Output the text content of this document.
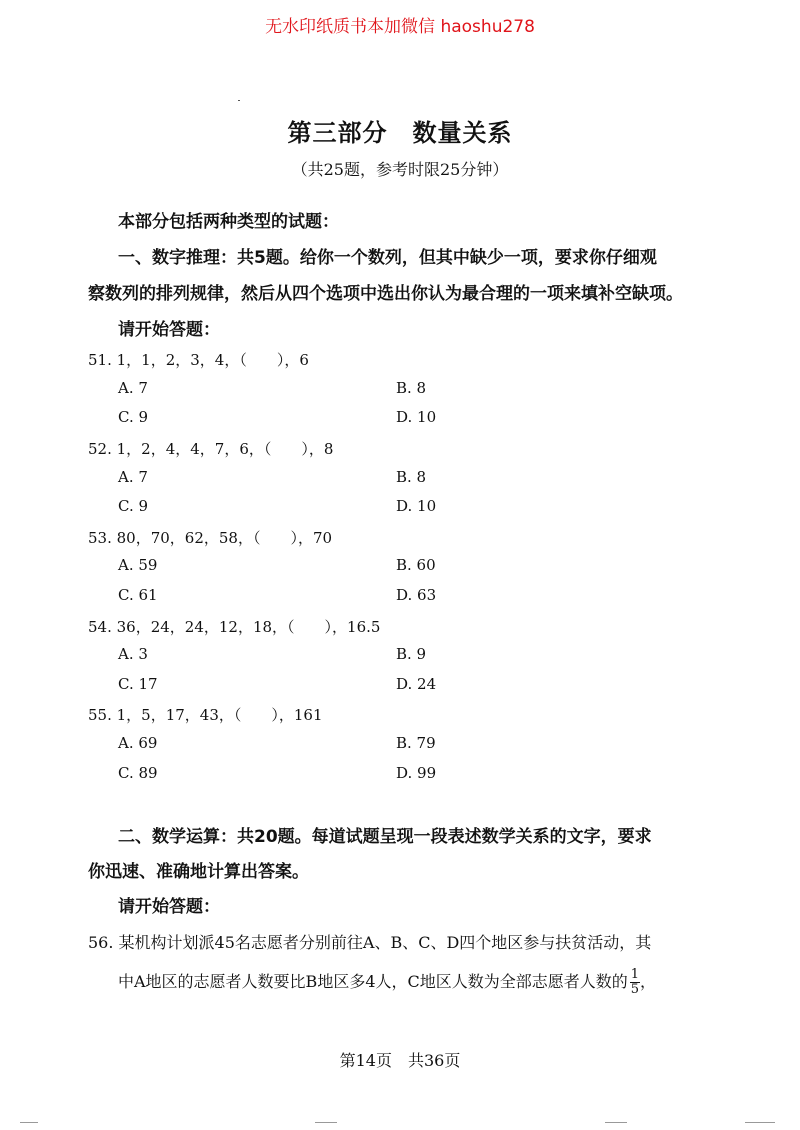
无水印纸质书本加微信 haoshu278
第三部分　数量关系
（共25题，参考时限25分钟）
本部分包括两种类型的试题：
一、数字推理：共5题。给你一个数列，但其中缺少一项，要求你仔细观
察数列的排列规律，然后从四个选项中选出你认为最合理的一项来填补空缺项。
请开始答题：
51. 1，1，2，3，4，（　　），6
A. 7	B. 8
C. 9	D. 10
52. 1，2，4，4，7，6，（　　），8
A. 7	B. 8
C. 9	D. 10
53. 80，70，62，58，（　　），70
A. 59	B. 60
C. 61	D. 63
54. 36，24，24，12，18，（　　），16.5
A. 3	B. 9
C. 17	D. 24
55. 1，5，17，43，（　　），161
A. 69	B. 79
C. 89	D. 99
二、数学运算：共20题。每道试题呈现一段表述数学关系的文字，要求
你迅速、准确地计算出答案。
请开始答题：
56. 某机构计划派45名志愿者分别前往A、B、C、D四个地区参与扶贫活动，其
中A地区的志愿者人数要比B地区多4人，C地区人数为全部志愿者人数的 $\frac{1}{5}$ ，
第14页　共36页
